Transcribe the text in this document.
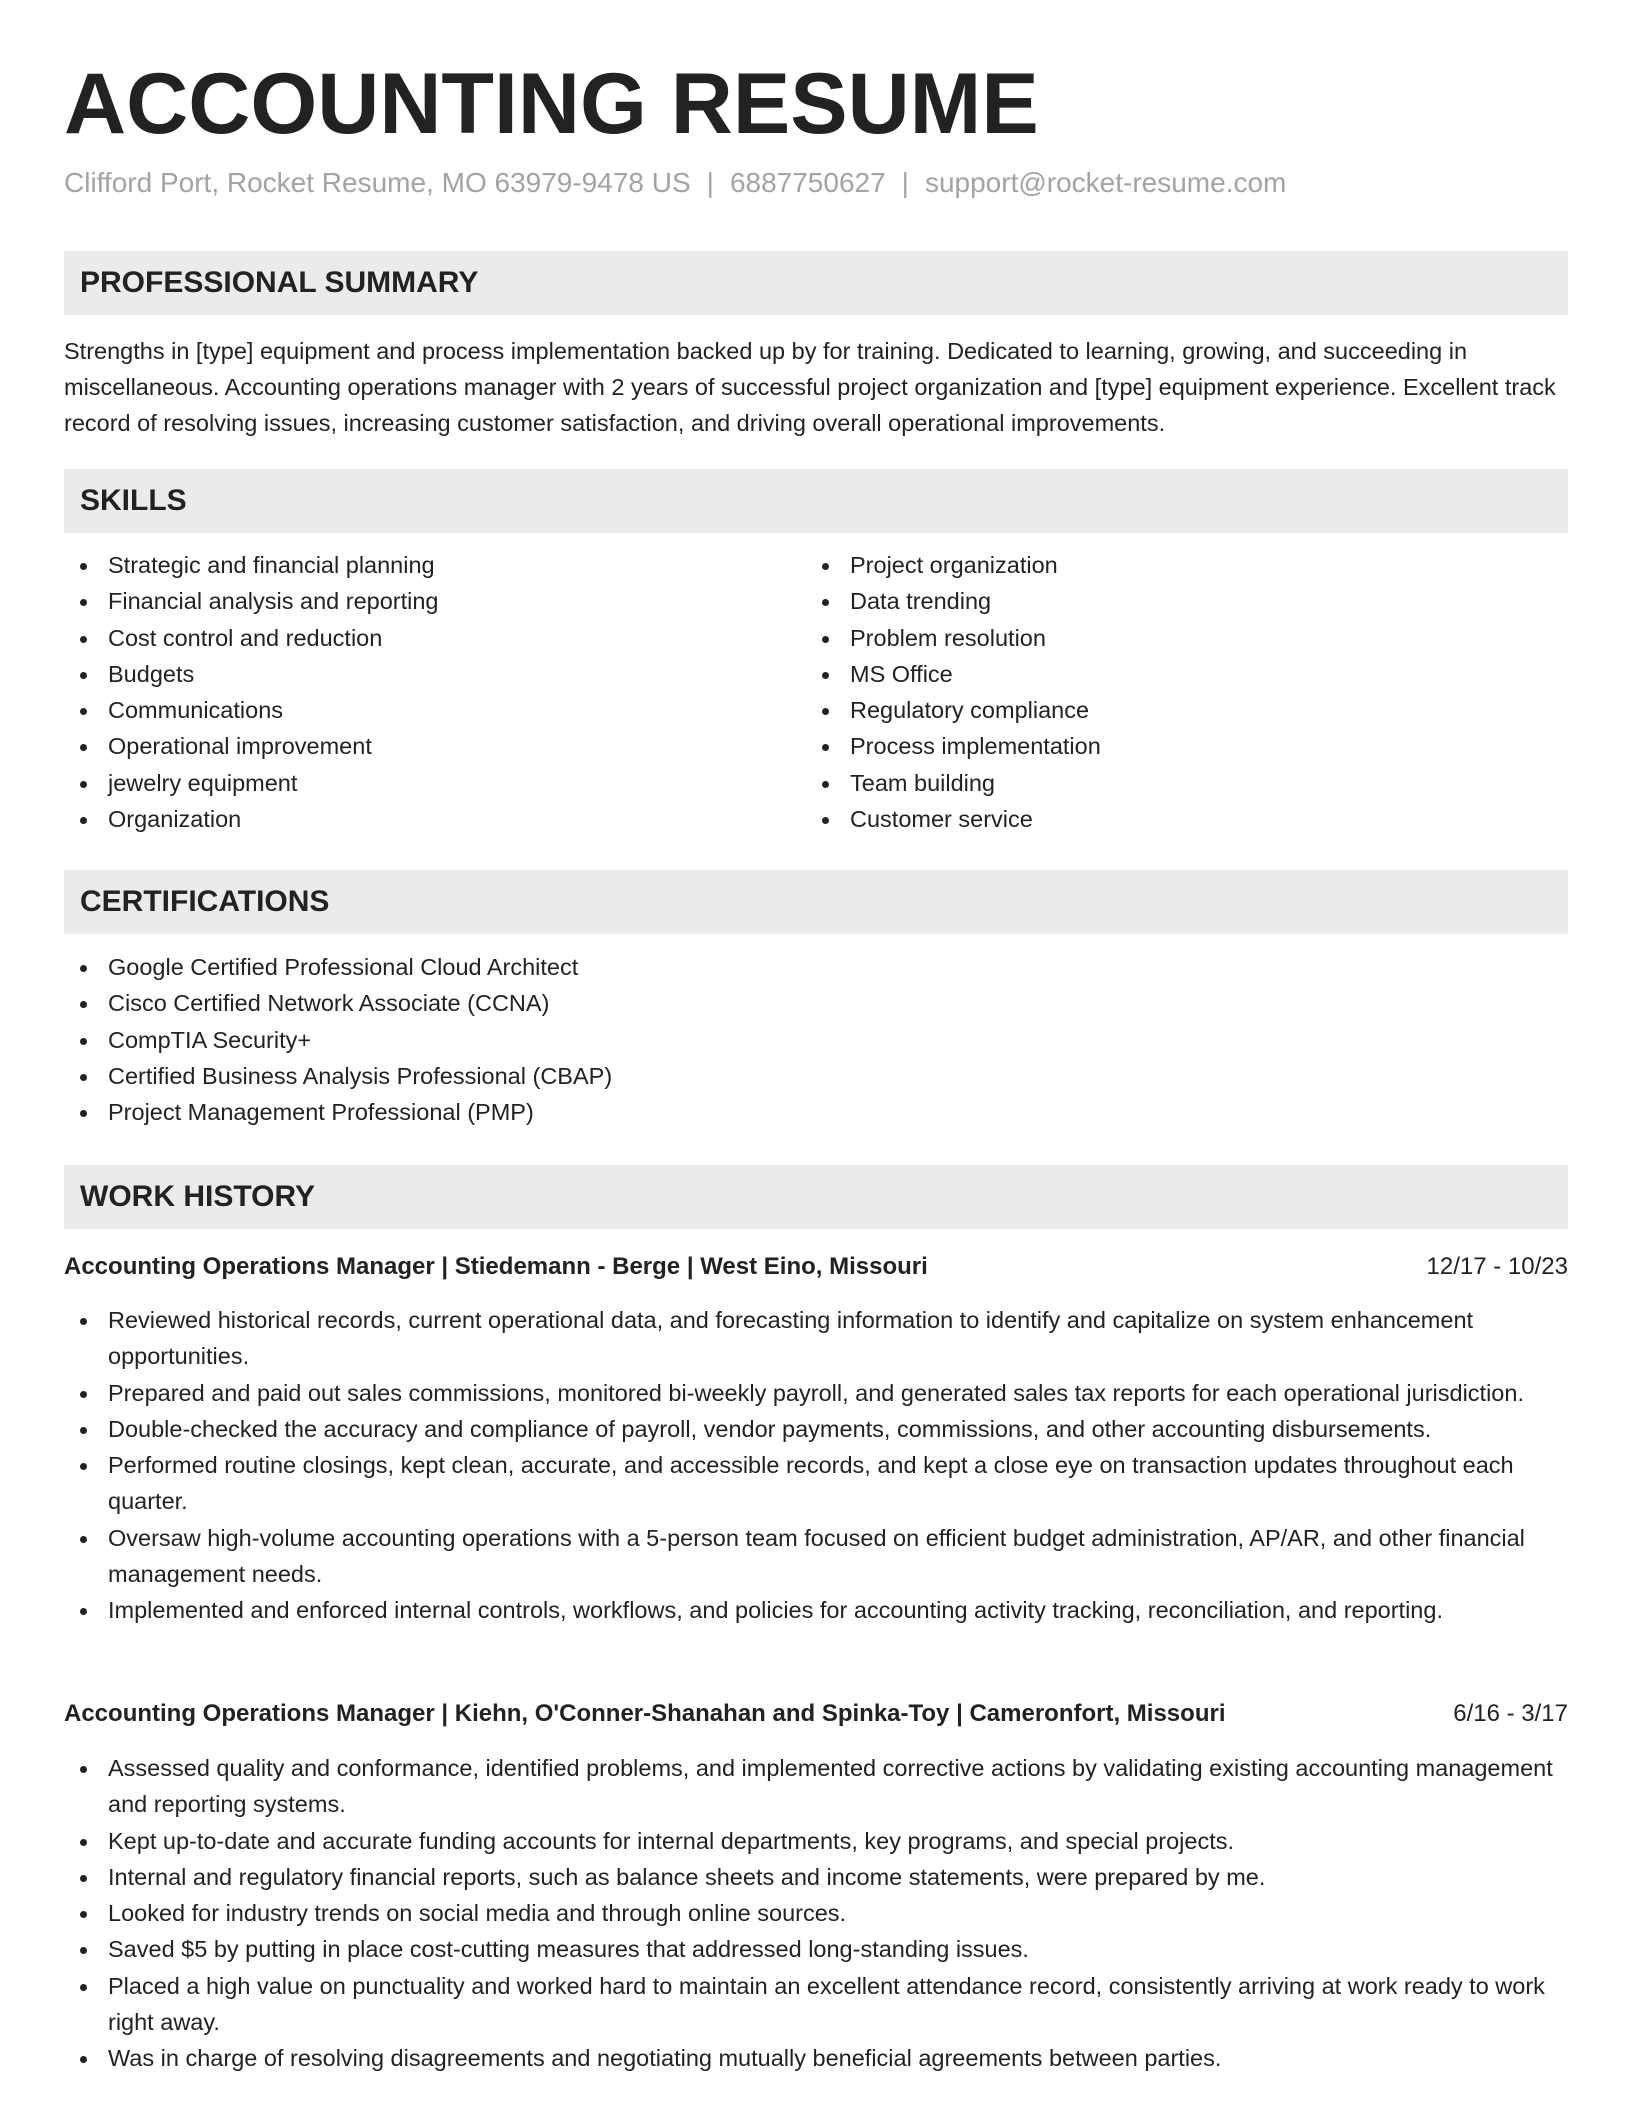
ACCOUNTING RESUME
Clifford Port, Rocket Resume, MO 63979-9478 US | 6887750627 | support@rocket-resume.com
PROFESSIONAL SUMMARY

Strengths in [type] equipment and process implementation backed up by for training. Dedicated to learning, growing, and succeeding in miscellaneous. Accounting operations manager with 2 years of successful project organization and [type] equipment experience. Excellent track record of resolving issues, increasing customer satisfaction, and driving overall operational improvements.

SKILLS
Strategic and financial planning
Financial analysis and reporting
Cost control and reduction
Budgets
Communications
Operational improvement
jewelry equipment
Organization
Project organization
Data trending
Problem resolution
MS Office
Regulatory compliance
Process implementation
Team building
Customer service
CERTIFICATIONS
Google Certified Professional Cloud Architect
Cisco Certified Network Associate (CCNA)
CompTIA Security+
Certified Business Analysis Professional (CBAP)
Project Management Professional (PMP)
WORK HISTORY
Accounting Operations Manager | Stiedemann - Berge | West Eino, Missouri	12/17 - 10/23
Reviewed historical records, current operational data, and forecasting information to identify and capitalize on system enhancement opportunities.
Prepared and paid out sales commissions, monitored bi-weekly payroll, and generated sales tax reports for each operational jurisdiction.
Double-checked the accuracy and compliance of payroll, vendor payments, commissions, and other accounting disbursements.
Performed routine closings, kept clean, accurate, and accessible records, and kept a close eye on transaction updates throughout each quarter.
Oversaw high-volume accounting operations with a 5-person team focused on efficient budget administration, AP/AR, and other financial management needs.
Implemented and enforced internal controls, workflows, and policies for accounting activity tracking, reconciliation, and reporting.
Accounting Operations Manager | Kiehn, O'Conner-Shanahan and Spinka-Toy | Cameronfort, Missouri	6/16 - 3/17
Assessed quality and conformance, identified problems, and implemented corrective actions by validating existing accounting management and reporting systems.
Kept up-to-date and accurate funding accounts for internal departments, key programs, and special projects.
Internal and regulatory financial reports, such as balance sheets and income statements, were prepared by me.
Looked for industry trends on social media and through online sources.
Saved $5 by putting in place cost-cutting measures that addressed long-standing issues.
Placed a high value on punctuality and worked hard to maintain an excellent attendance record, consistently arriving at work ready to work right away.
Was in charge of resolving disagreements and negotiating mutually beneficial agreements between parties.
